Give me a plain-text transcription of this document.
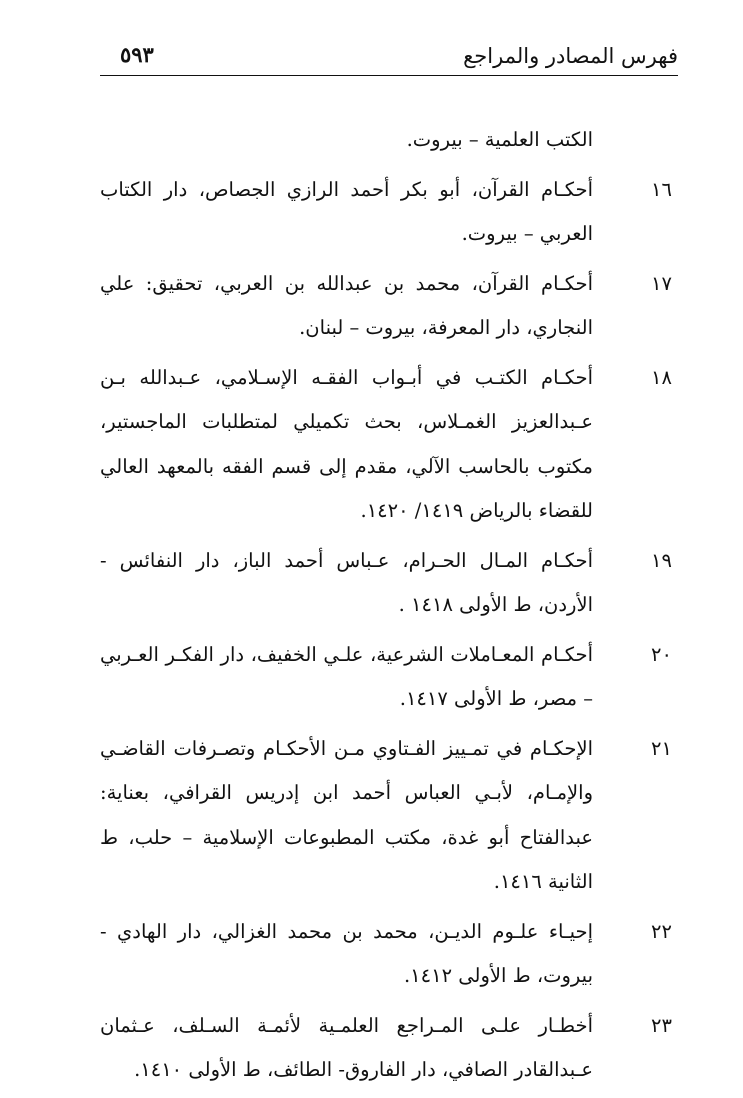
فهرس المصادر والمراجع
٥٩٣
الكتب العلمية – بيروت.
١٦
أحكـام القرآن، أبو بكر أحمد الرازي الجصاص، دار الكتاب العربي – بيروت.
١٧
أحكـام القرآن، محمد بن عبدالله بن العربي، تحقيق: علي النجاري، دار المعرفة، بيروت – لبنان.
١٨
أحكـام الكتـب في أبـواب الفقـه الإسـلامي، عـبدالله بـن عـبدالعزيز الغمـلاس، بحث تكميلي لمتطلبات الماجستير، مكتوب بالحاسب الآلي، مقدم إلى قسم الفقه بالمعهد العالي للقضاء بالرياض ١٤١٩/ ١٤٢٠.
١٩
أحكـام المـال الحـرام، عـباس أحمد الباز، دار النفائس - الأردن، ط الأولى ١٤١٨ .
٢٠
أحكـام المعـاملات الشرعية، علـي الخفيف، دار الفكـر العـربي – مصر، ط الأولى ١٤١٧.
٢١
الإحكـام في تمـييز الفـتاوي مـن الأحكـام وتصـرفات القاضـي والإمـام، لأبـي العباس أحمد ابن إدريس القرافي، بعناية: عبدالفتاح أبو غدة، مكتب المطبوعات الإسلامية – حلب، ط الثانية ١٤١٦.
٢٢
إحيـاء علـوم الديـن، محمد بن محمد الغزالي، دار الهادي - بيروت، ط الأولى ١٤١٢.
٢٣
أخطـار علـى المـراجع العلمـية لأئمـة السـلف، عـثمان عـبدالقادر الصافي، دار الفاروق- الطائف، ط الأولى ١٤١٠.
